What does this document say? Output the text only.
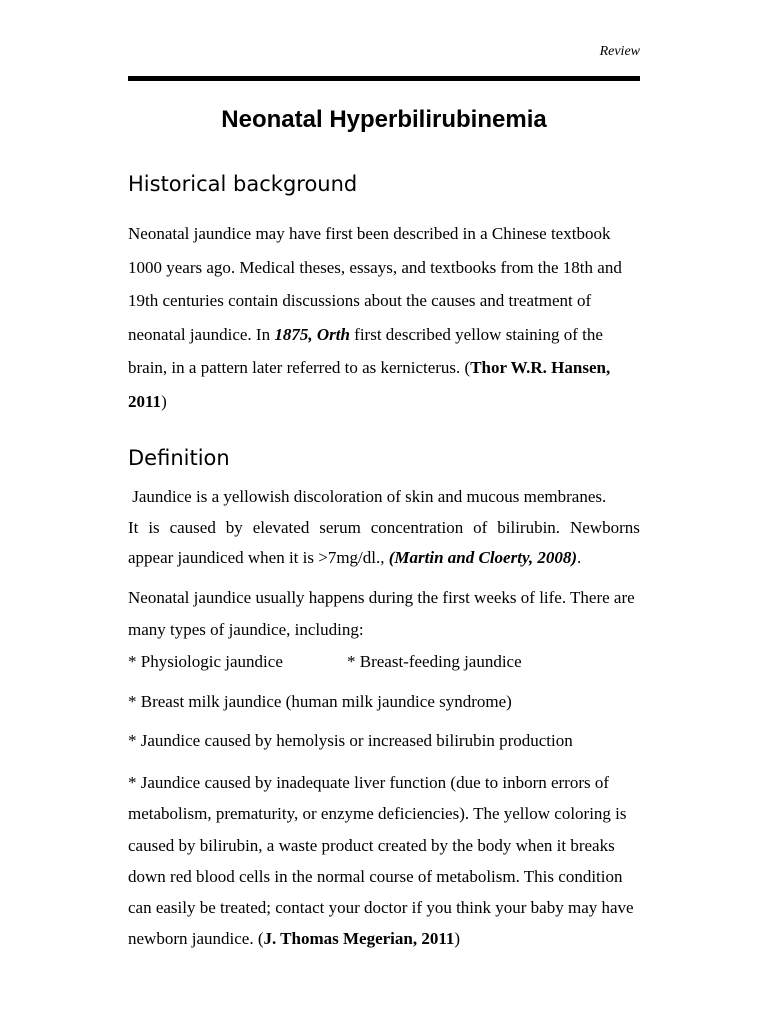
Review
Neonatal Hyperbilirubinemia
Historical background

Neonatal jaundice may have first been described in a Chinese textbook 1000 years ago. Medical theses, essays, and textbooks from the 18th and 19th centuries contain discussions about the causes and treatment of neonatal jaundice. In 1875, Orth first described yellow staining of the brain, in a pattern later referred to as kernicterus. (Thor W.R. Hansen, 2011)

Definition
Jaundice is a yellowish discoloration of skin and mucous membranes.
It is caused by elevated serum concentration of bilirubin. Newborns
appear jaundiced when it is >7mg/dl., (Martin and Cloerty, 2008).

Neonatal jaundice usually happens during the first weeks of life. There are many types of jaundice, including:

* Physiologic jaundice	* Breast-feeding jaundice
* Breast milk jaundice (human milk jaundice syndrome)
* Jaundice caused by hemolysis or increased bilirubin production

* Jaundice caused by inadequate liver function (due to inborn errors of metabolism, prematurity, or enzyme deficiencies). The yellow coloring is caused by bilirubin, a waste product created by the body when it breaks down red blood cells in the normal course of metabolism. This condition can easily be treated; contact your doctor if you think your baby may have newborn jaundice. (J. Thomas Megerian, 2011)
